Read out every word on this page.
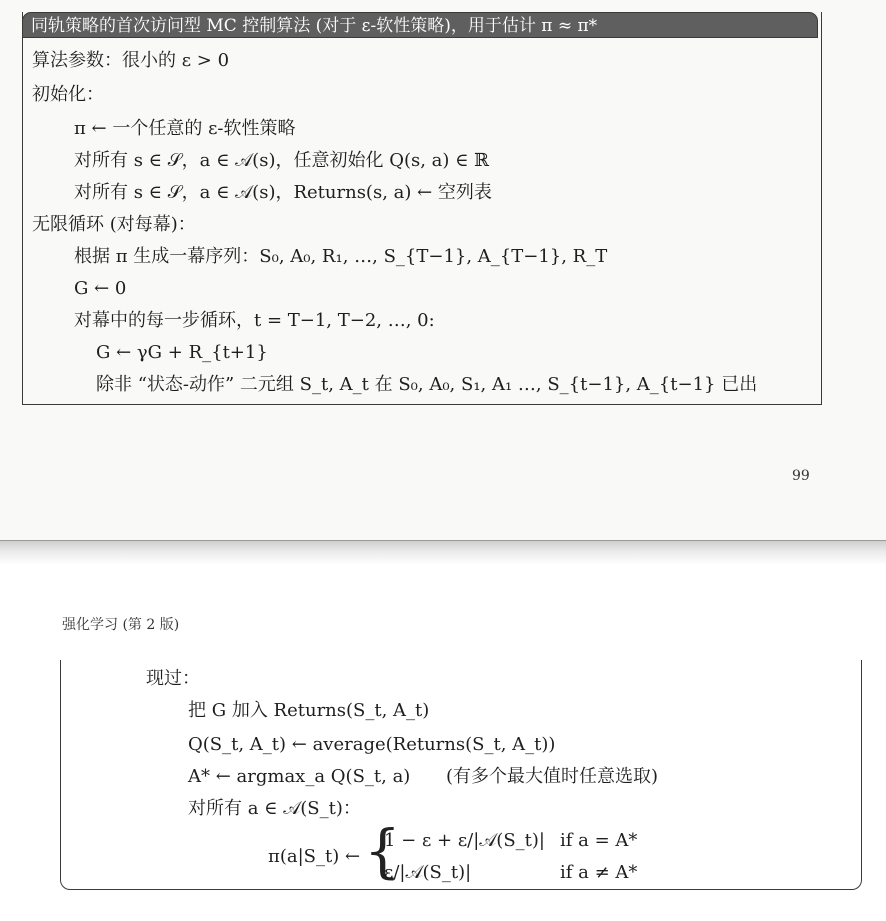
同轨策略的首次访问型 MC 控制算法 (对于 ε-软性策略)，用于估计 π ≈ π*
算法参数：很小的 ε > 0
初始化：
π ← 一个任意的 ε-软性策略
对所有 s ∈ 𝒮，a ∈ 𝒜(s)，任意初始化 Q(s, a) ∈ ℝ
对所有 s ∈ 𝒮，a ∈ 𝒜(s)，Returns(s, a) ← 空列表
无限循环 (对每幕)：
根据 π 生成一幕序列：S₀, A₀, R₁, …, S_{T−1}, A_{T−1}, R_T
G ← 0
对幕中的每一步循环，t = T−1, T−2, …, 0:
G ← γG + R_{t+1}
除非 “状态-动作” 二元组 S_t, A_t 在 S₀, A₀, S₁, A₁ …, S_{t−1}, A_{t−1} 已出
99
强化学习 (第 2 版)
现过：
把 G 加入 Returns(S_t, A_t)
Q(S_t, A_t) ← average(Returns(S_t, A_t))
A* ← argmax_a Q(S_t, a) (有多个最大值时任意选取)
对所有 a ∈ 𝒜(S_t)：
π(a|S_t) ← {
1 − ε + ε/|𝒜(S_t)| if a = A*
ε/|𝒜(S_t)|	if a ≠ A*
